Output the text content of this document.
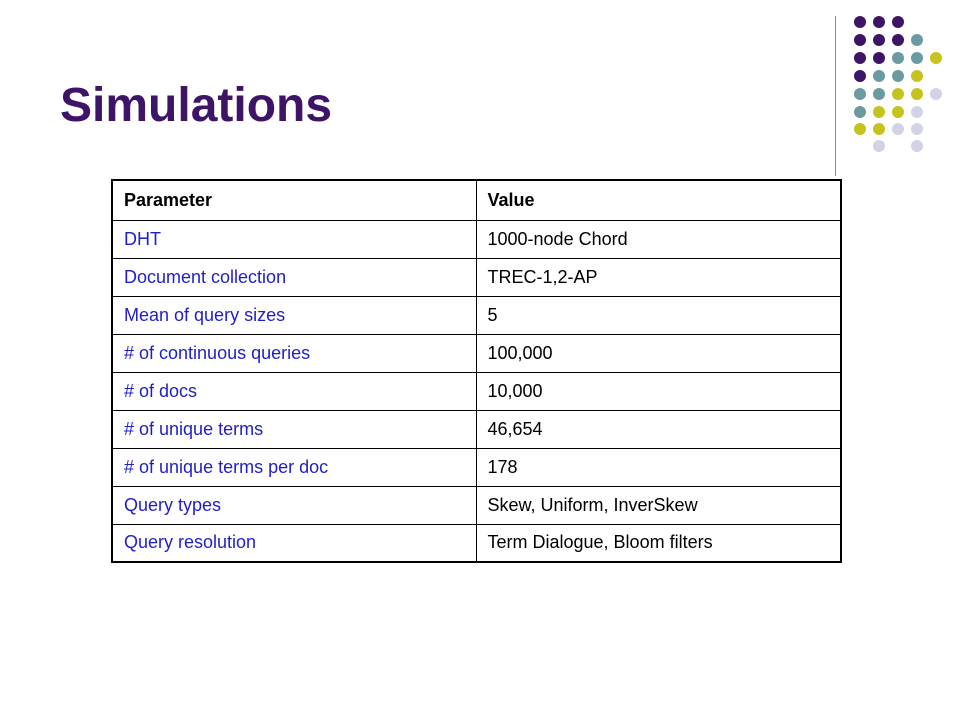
Simulations
Parameter	Value
DHT	1000-node Chord
Document collection	TREC-1,2-AP
Mean of query sizes	5
# of continuous queries	100,000
# of docs	10,000
# of unique terms	46,654
# of unique terms per doc	178
Query types	Skew, Uniform, InverSkew
Query resolution	Term Dialogue, Bloom filters
